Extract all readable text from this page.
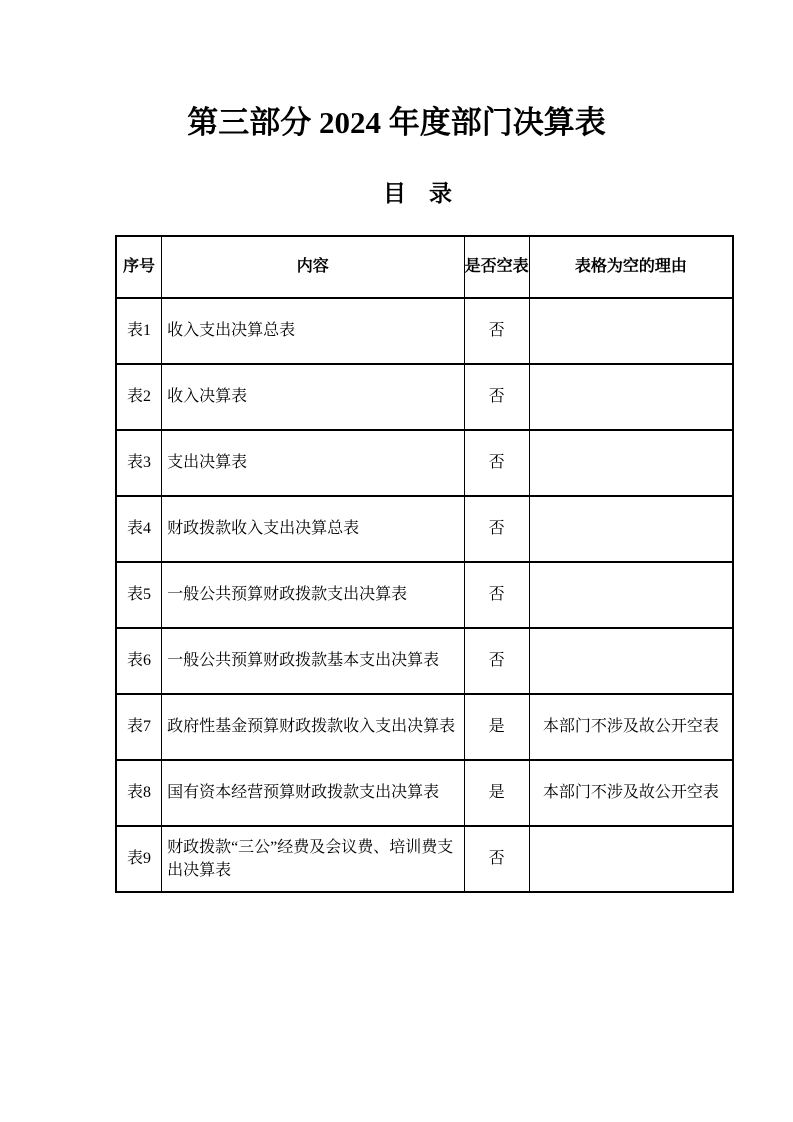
第三部分 2024 年度部门决算表
目　录
序号	内容	是否空表	表格为空的理由
表1	收入支出决算总表	否	
表2	收入决算表	否	
表3	支出决算表	否	
表4	财政拨款收入支出决算总表	否	
表5	一般公共预算财政拨款支出决算表	否	
表6	一般公共预算财政拨款基本支出决算表	否	
表7	政府性基金预算财政拨款收入支出决算表	是	本部门不涉及故公开空表
表8	国有资本经营预算财政拨款支出决算表	是	本部门不涉及故公开空表
表9	财政拨款“三公”经费及会议费、培训费支出决算表	否	
